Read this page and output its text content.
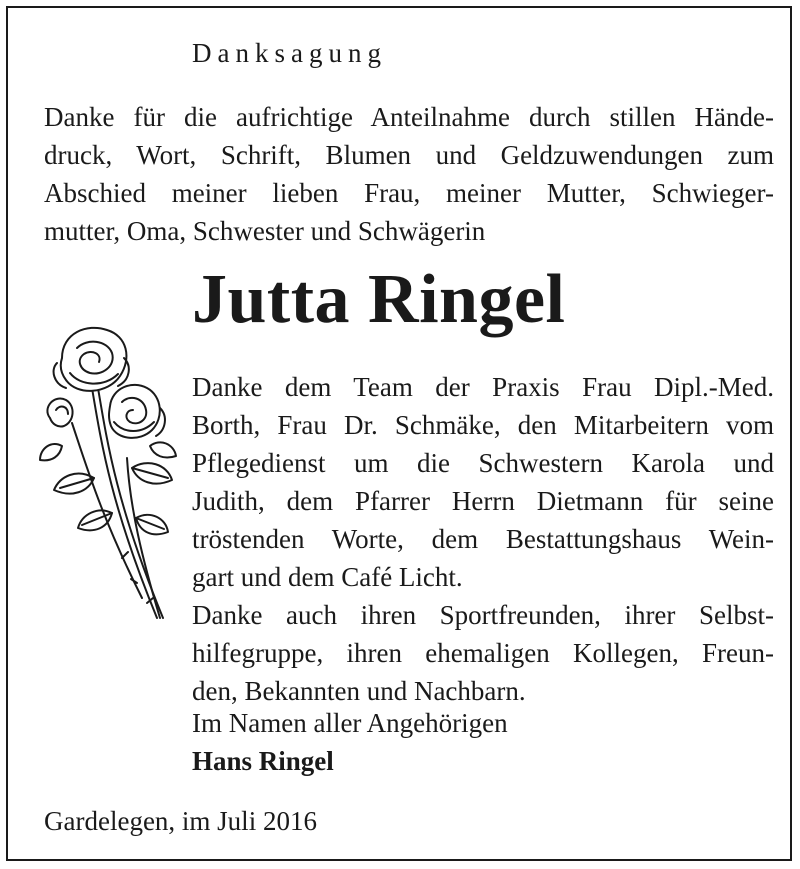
Danksagung
Danke für die aufrichtige Anteilnahme durch stillen Hände-
druck, Wort, Schrift, Blumen und Geldzuwendungen zum
Abschied meiner lieben Frau, meiner Mutter, Schwieger-
mutter, Oma, Schwester und Schwägerin
Jutta Ringel
Danke dem Team der Praxis Frau Dipl.-Med.
Borth, Frau Dr. Schmäke, den Mitarbeitern vom
Pflegedienst um die Schwestern Karola und
Judith, dem Pfarrer Herrn Dietmann für seine
tröstenden Worte, dem Bestattungshaus Wein-
gart und dem Café Licht.
Danke auch ihren Sportfreunden, ihrer Selbst-
hilfegruppe, ihren ehemaligen Kollegen, Freun-
den, Bekannten und Nachbarn.
Im Namen aller Angehörigen
Hans Ringel
Gardelegen, im Juli 2016
